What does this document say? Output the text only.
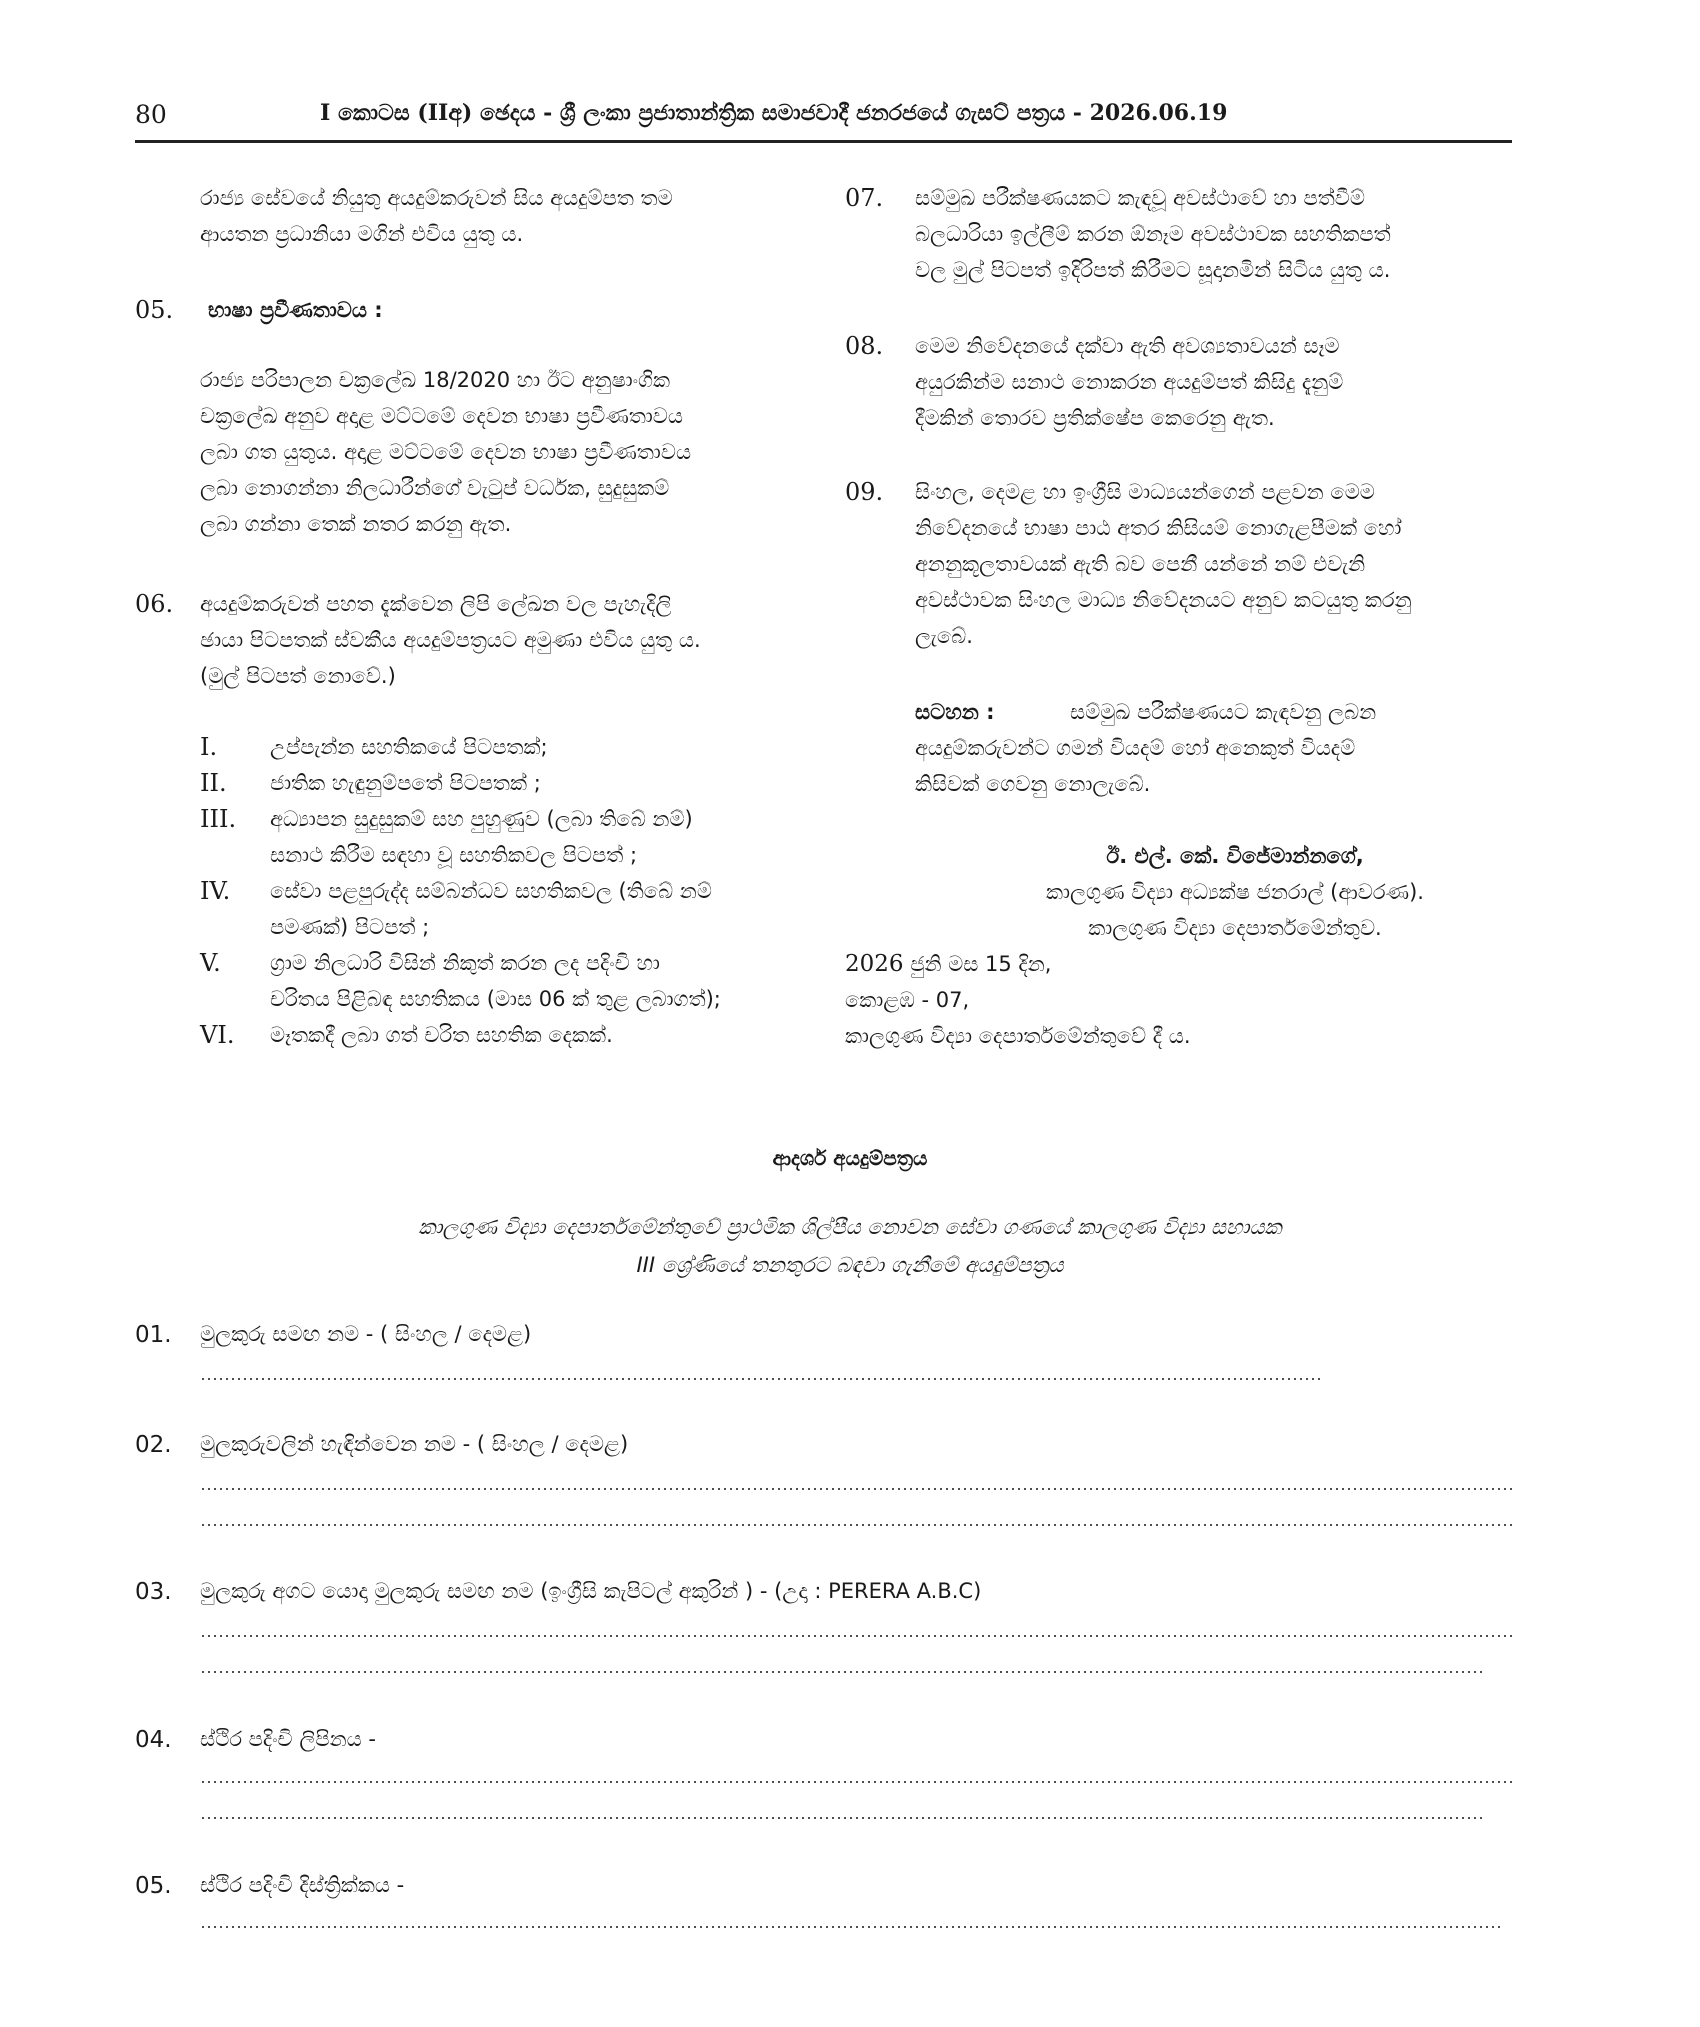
80	I කොටස (IIඅ) ඡෙදය - ශ්‍රී ලංකා ප්‍රජාතාන්ත්‍රික සමාජවාදී ජනරජයේ ගැසට් පත්‍රය - 2026.06.19

රාජ්‍ය සේවයේ නියුතු අයදුම්කරුවන් සිය අයදුම්පත තම

ආයතන ප්‍රධානියා මගින් එවිය යුතු ය.

05. භාෂා ප්‍රවීණතාවය :

රාජ්‍ය පරිපාලන චක්‍රලේඛ 18/2020 හා ඊට අනුෂාංගික

චක්‍රලේඛ අනුව අදාළ මට්ටමේ දෙවන භාෂා ප්‍රවීණතාවය

ලබා ගත යුතුය. අදාළ මට්ටමේ දෙවන භාෂා ප්‍රවීණතාවය

ලබා නොගන්නා නිලධාරීන්ගේ වැටුප් වර්ධක, සුදුසුකම්

ලබා ගන්නා තෙක් නතර කරනු ඇත.

06. අයදුම්කරුවන් පහත දැක්වෙන ලිපි ලේඛන වල පැහැදිලි

ඡායා පිටපතක් ස්වකීය අයදුම්පත්‍රයට අමුණා එවිය යුතු ය.

(මුල් පිටපත් නොවේ.)

I.	උප්පැන්න සහතිකයේ පිටපතක්;
II. ජාතික හැඳුනුම්පතේ පිටපතක් ;
III. අධ්‍යාපන සුදුසුකම් සහ පුහුණුව (ලබා තිබේ නම්)
සනාථ කිරීම සඳහා වූ සහතිකවල පිටපත් ;
IV. සේවා පළපුරුද්ද සම්බන්ධව සහතිකවල (තිබේ නම්
පමණක්) පිටපත් ;
V. ග්‍රාම නිලධාරි විසින් නිකුත් කරන ලද පදිංචි හා
චරිතය පිළිබඳ සහතිකය (මාස 06 ක් තුළ ලබාගත්);
VI. මෑතකදී ලබා ගත් චරිත සහතික දෙකක්.
07. සම්මුඛ පරීක්ෂණයකට කැඳවූ අවස්ථාවේ හා පත්වීම්

බලධාරියා ඉල්ලීම් කරන ඕනෑම අවස්ථාවක සහතිකපත්

වල මුල් පිටපත් ඉදිරිපත් කිරීමට සූදානමින් සිටිය යුතු ය.

08. මෙම නිවේදනයේ දක්වා ඇති අවශ්‍යතාවයන් සෑම

අයුරකින්ම සනාථ නොකරන අයදුම්පත් කිසිදු දැනුම්

දීමකින් තොරව ප්‍රතික්ෂේප කෙරෙනු ඇත.

09. සිංහල, දෙමළ හා ඉංග්‍රීසි මාධ්‍යයන්ගෙන් පළවන මෙම

නිවේදනයේ භාෂා පාඨ අතර කිසියම් නොගැළපීමක් හෝ

අනනුකූලතාවයක් ඇති බව පෙනී යන්නේ නම් එවැනි

අවස්ථාවක සිංහල මාධ්‍ය නිවේදනයට අනුව කටයුතු කරනු

ලැබේ.

සටහන :	සම්මුඛ පරීක්ෂණයට කැඳවනු ලබන

අයදුම්කරුවන්ට ගමන් වියදම් හෝ අනෙකුත් වියදම්

කිසිවක් ගෙවනු නොලැබේ.

ඊ. එල්. කේ. විජේමාන්නගේ,
කාලගුණ විද්‍යා අධ්‍යක්ෂ ජනරාල් (ආවරණ).
කාලගුණ විද්‍යා දෙපාර්තමේන්තුව.
2026 ජුනි මස 15 දින,
කොළඹ - 07,
කාලගුණ විද්‍යා දෙපාර්තමේන්තුවේ දී ය.
ආදර්ශ අයදුම්පත්‍රය
කාලගුණ විද්‍යා දෙපාර්තමේන්තුවේ ප්‍රාථමික ශිල්පීය නොවන සේවා ගණයේ කාලගුණ විද්‍යා සහායක
III ශ්‍රේණියේ තනතුරට බඳවා ගැනීමේ අයදුම්පත්‍රය
01. මුලකුරු සමඟ නම - ( සිංහල / දෙමළ)
02. මුලකුරුවලින් හැඳින්වෙන නම - ( සිංහල / දෙමළ)
03. මුලකුරු අගට යොදා මුලකුරු සමඟ නම (ඉංග්‍රීසි කැපිටල් අකුරින් ) - (උදා : PERERA A.B.C)
04. ස්ථිර පදිංචි ලිපිනය -
05. ස්ථිර පදිංචි දිස්ත්‍රික්කය -
